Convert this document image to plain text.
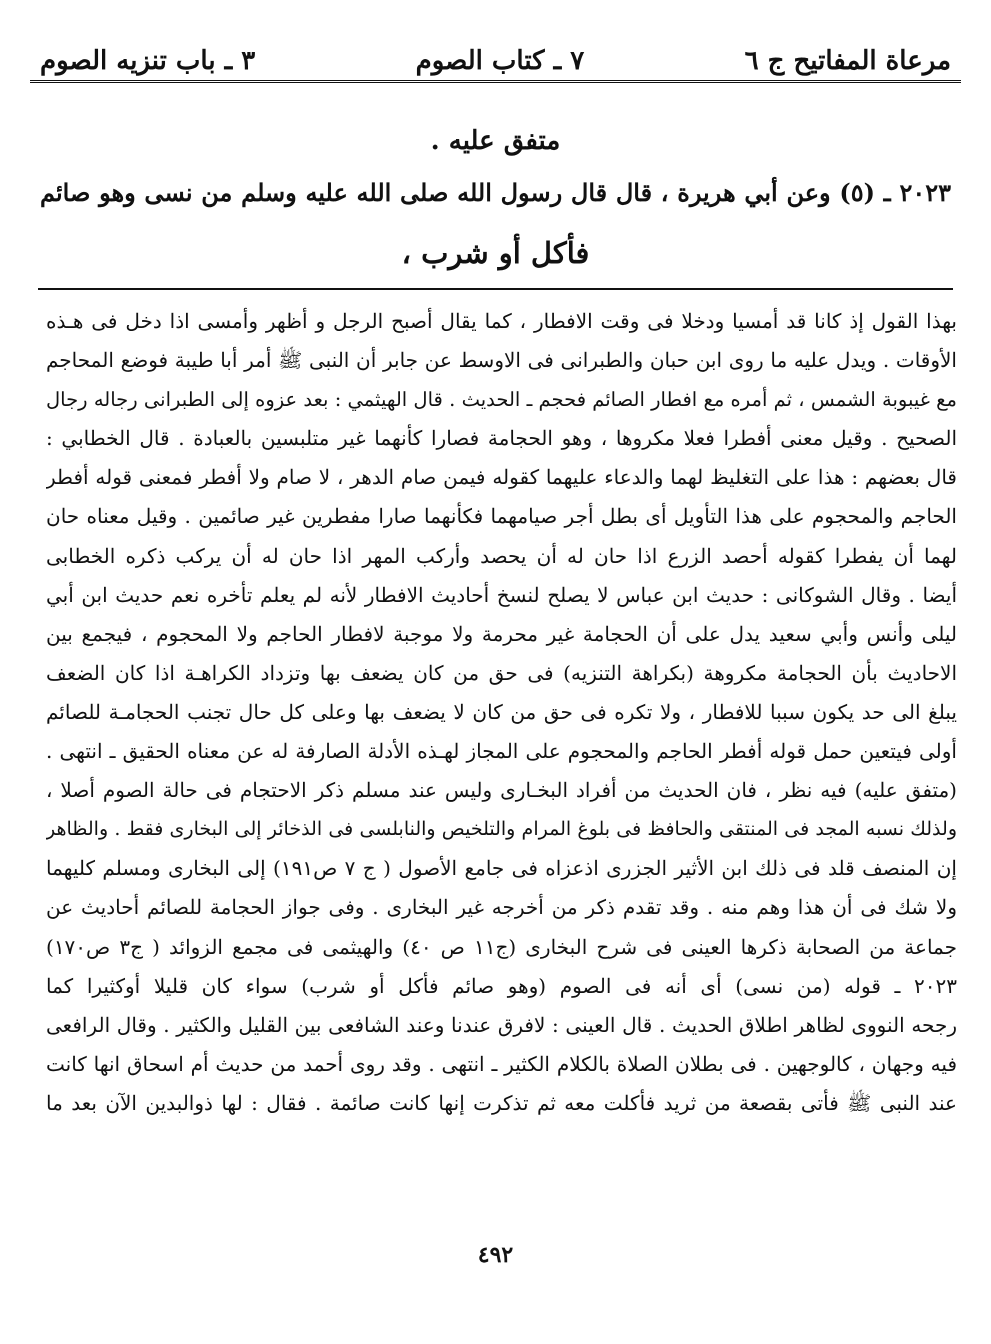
مرعاة المفاتيح ج ٦
٧ ـ كتاب الصوم
٣ ـ باب تنزيه الصوم
متفق عليه .
٢٠٢٣ ـ (٥) وعن أبي هريرة ، قال قال رسول الله صلى الله عليه وسلم من نسى وهو صائم
فأكل أو شرب ،
بهذا القول إذ كانا قد أمسيا ودخلا فى وقت الافطار ، كما يقال أصبح الرجل و أظهر وأمسى اذا دخل فى هـذه
الأوقات . ويدل عليه ما روى ابن حبان والطبرانى فى الاوسط عن جابر أن النبى ﷺ أمر أبا طيبة فوضع المحاجم
مع غيبوبة الشمس ، ثم أمره مع افطار الصائم فحجم ـ الحديث . قال الهيثمي : بعد عزوه إلى الطبرانى رجاله رجال
الصحيح . وقيل معنى أفطرا فعلا مكروها ، وهو الحجامة فصارا كأنهما غير متلبسين بالعبادة . قال الخطابي :
قال بعضهم : هذا على التغليظ لهما والدعاء عليهما كقوله فيمن صام الدهر ، لا صام ولا أفطر فمعنى قوله أفطر
الحاجم والمحجوم على هذا التأويل أى بطل أجر صيامهما فكأنهما صارا مفطرين غير صائمين . وقيل معناه حان
لهما أن يفطرا كقوله أحصد الزرع اذا حان له أن يحصد وأركب المهر اذا حان له أن يركب ذكره الخطابى
أيضا . وقال الشوكانى : حديث ابن عباس لا يصلح لنسخ أحاديث الافطار لأنه لم يعلم تأخره نعم حديث ابن أبي
ليلى وأنس وأبي سعيد يدل على أن الحجامة غير محرمة ولا موجبة لافطار الحاجم ولا المحجوم ، فيجمع بين
الاحاديث بأن الحجامة مكروهة (بكراهة التنزيه) فى حق من كان يضعف بها وتزداد الكراهـة اذا كان الضعف
يبلغ الى حد يكون سببا للافطار ، ولا تكره فى حق من كان لا يضعف بها وعلى كل حال تجنب الحجامـة للصائم
أولى فيتعين حمل قوله أفطر الحاجم والمحجوم على المجاز لهـذه الأدلة الصارفة له عن معناه الحقيق ـ انتهى .
(متفق عليه) فيه نظر ، فان الحديث من أفراد البخـارى وليس عند مسلم ذكر الاحتجام فى حالة الصوم أصلا ،
ولذلك نسبه المجد فى المنتقى والحافظ فى بلوغ المرام والتلخيص والنابلسى فى الذخائر إلى البخارى فقط . والظاهر
إن المنصف قلد فى ذلك ابن الأثير الجزرى اذعزاه فى جامع الأصول ( ج ٧ ص١٩١) إلى البخارى ومسلم كليهما
ولا شك فى أن هذا وهم منه . وقد تقدم ذكر من أخرجه غير البخارى . وفى جواز الحجامة للصائم أحاديث عن
جماعة من الصحابة ذكرها العينى فى شرح البخارى (ج١١ ص ٤٠) والهيثمى فى مجمع الزوائد ( ج٣ ص١٧٠)
٢٠٢٣ ـ قوله (من نسى) أى أنه فى الصوم (وهو صائم فأكل أو شرب) سواء كان قليلا أوكثيرا كما
رجحه النووى لظاهر اطلاق الحديث . قال العينى : لافرق عندنا وعند الشافعى بين القليل والكثير . وقال الرافعى
فيه وجهان ، كالوجهين . فى بطلان الصلاة بالكلام الكثير ـ انتهى . وقد روى أحمد من حديث أم اسحاق انها كانت
عند النبى ﷺ فأتى بقصعة من ثريد فأكلت معه ثم تذكرت إنها كانت صائمة . فقال : لها ذوالبدين الآن بعد ما
٤٩٢
